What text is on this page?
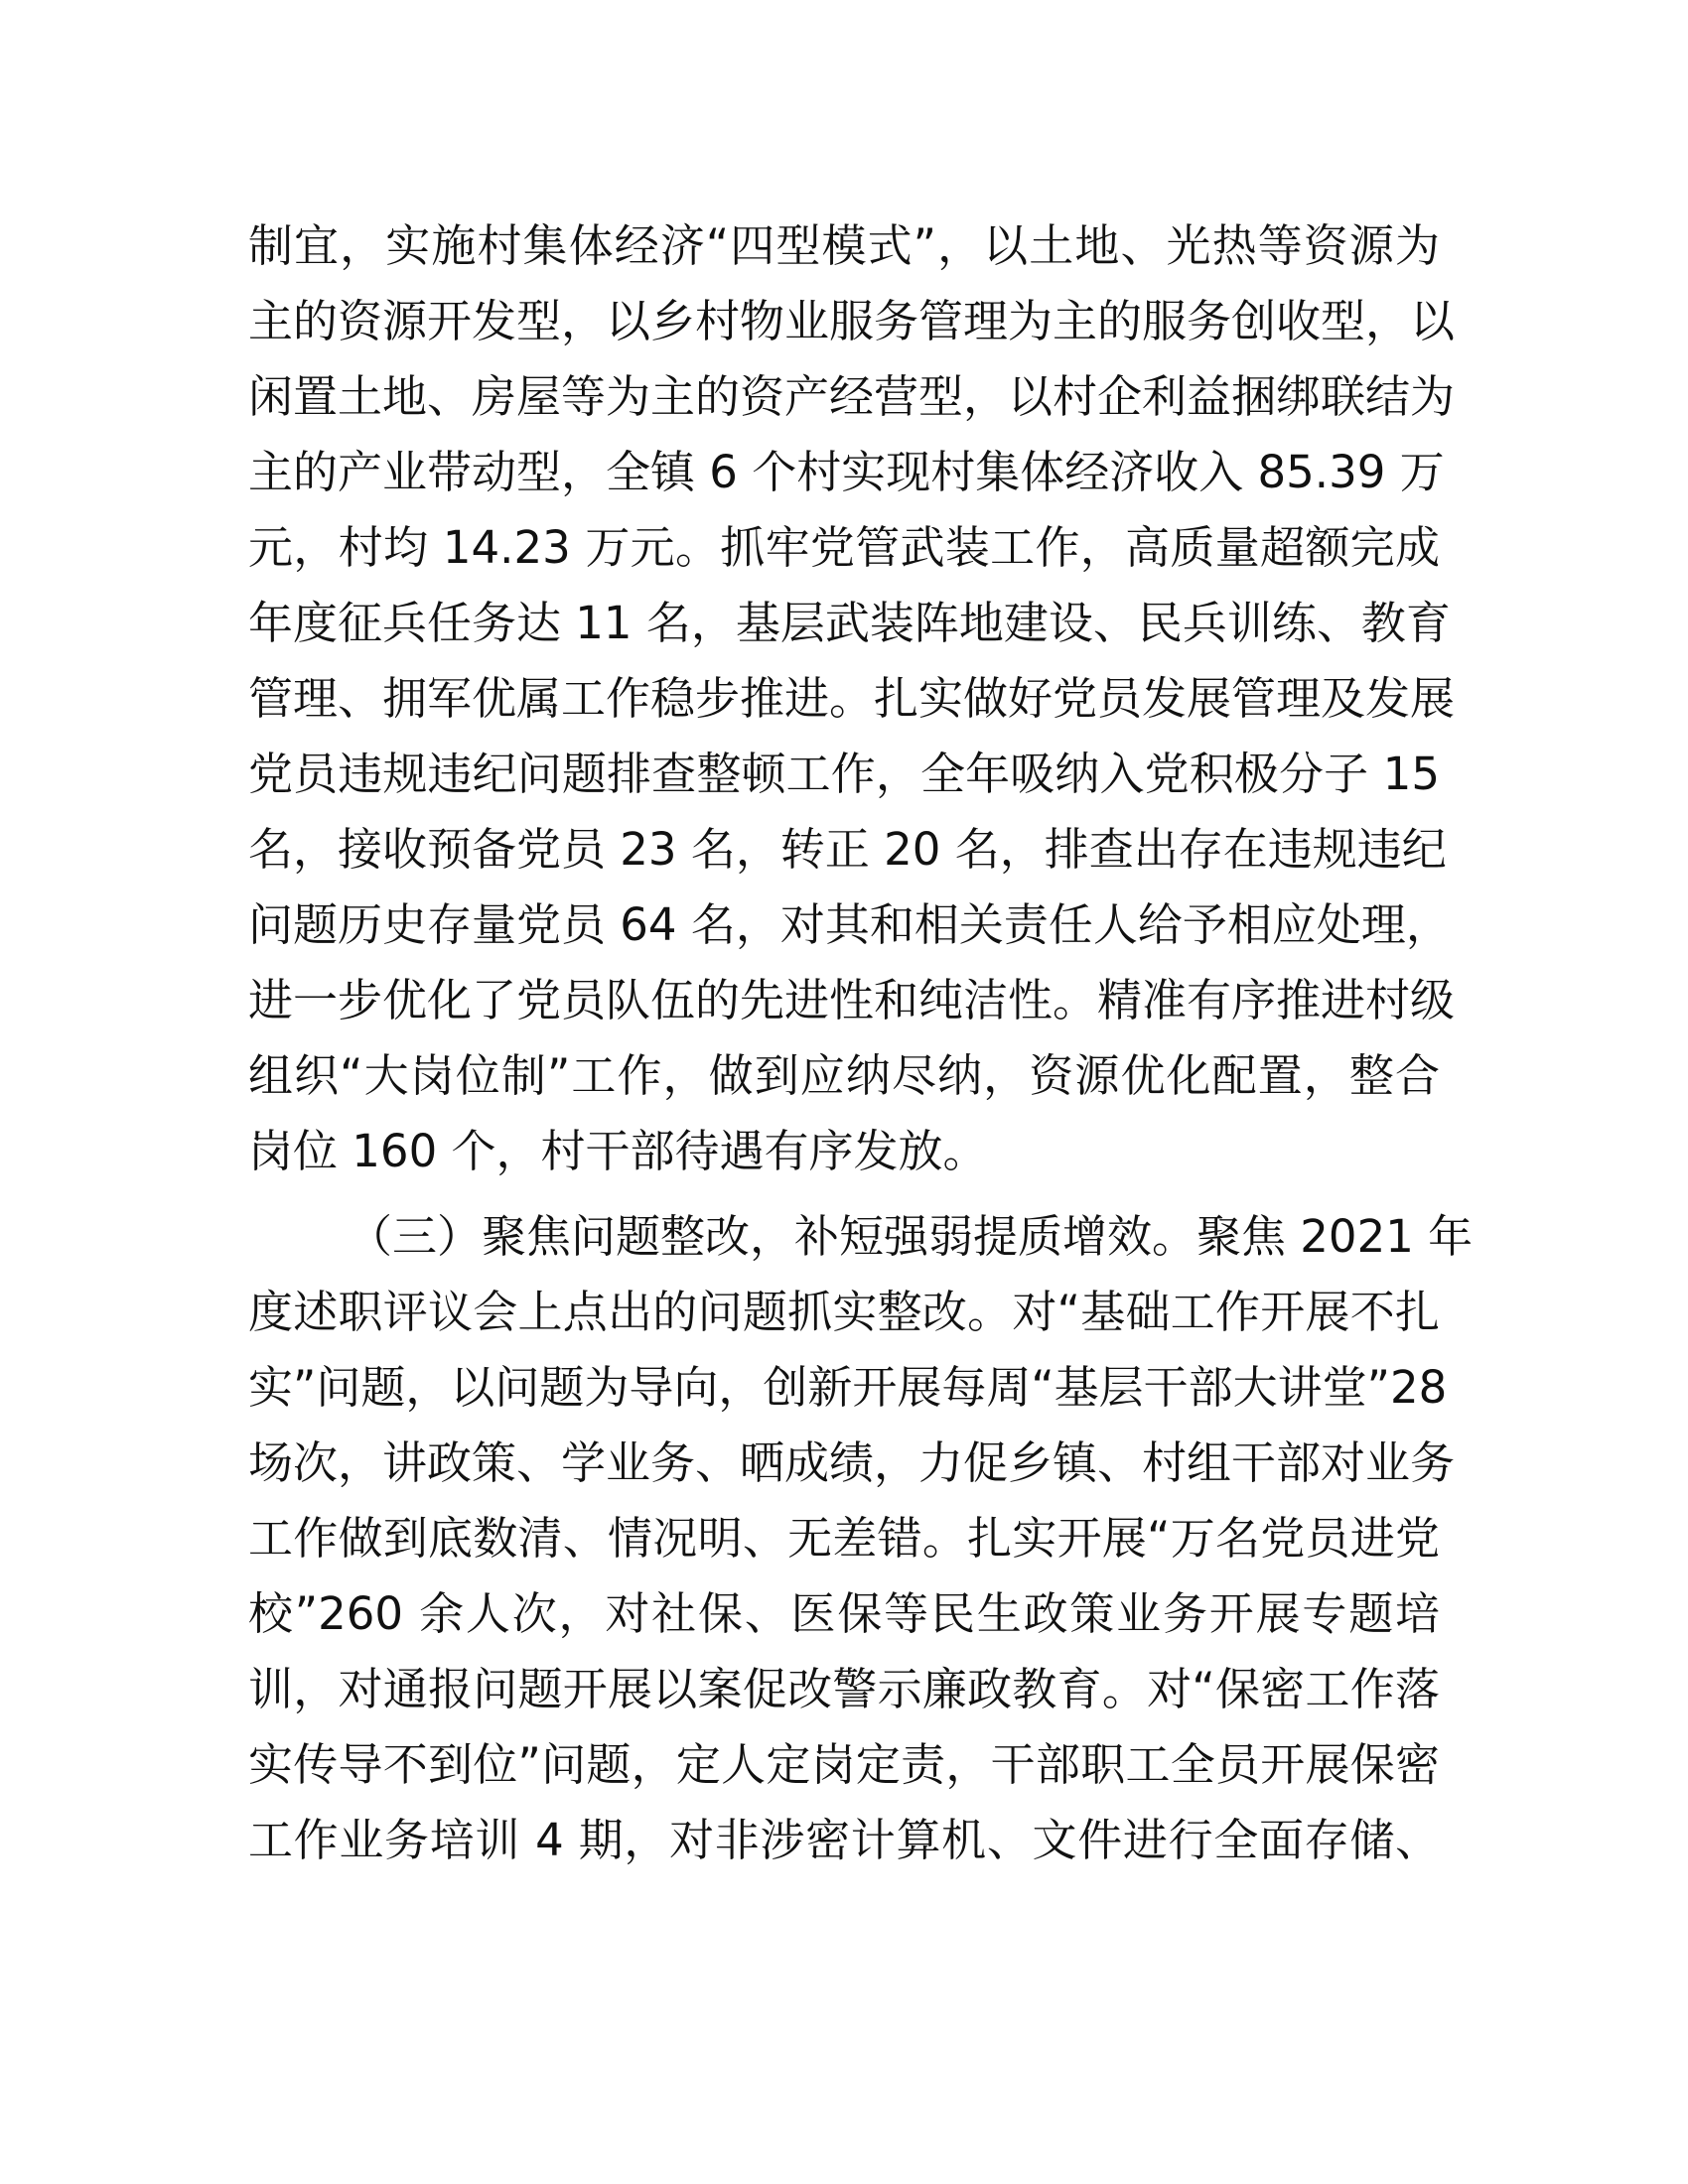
制宜，实施村集体经济“四型模式”，以土地、光热等资源为
主的资源开发型，以乡村物业服务管理为主的服务创收型，以
闲置土地、房屋等为主的资产经营型，以村企利益捆绑联结为
主的产业带动型，全镇 6 个村实现村集体经济收入 85.39 万
元，村均 14.23 万元。抓牢党管武装工作，高质量超额完成
年度征兵任务达 11 名，基层武装阵地建设、民兵训练、教育
管理、拥军优属工作稳步推进。扎实做好党员发展管理及发展
党员违规违纪问题排查整顿工作，全年吸纳入党积极分子 15
名，接收预备党员 23 名，转正 20 名，排查出存在违规违纪
问题历史存量党员 64 名，对其和相关责任人给予相应处理，
进一步优化了党员队伍的先进性和纯洁性。精准有序推进村级
组织“大岗位制”工作，做到应纳尽纳，资源优化配置，整合
岗位 160 个，村干部待遇有序发放。
（三）聚焦问题整改，补短强弱提质增效。聚焦 2021 年
度述职评议会上点出的问题抓实整改。对“基础工作开展不扎
实”问题，以问题为导向，创新开展每周“基层干部大讲堂”28
场次，讲政策、学业务、晒成绩，力促乡镇、村组干部对业务
工作做到底数清、情况明、无差错。扎实开展“万名党员进党
校”260 余人次，对社保、医保等民生政策业务开展专题培
训，对通报问题开展以案促改警示廉政教育。对“保密工作落
实传导不到位”问题，定人定岗定责，干部职工全员开展保密
工作业务培训 4 期，对非涉密计算机、文件进行全面存储、
